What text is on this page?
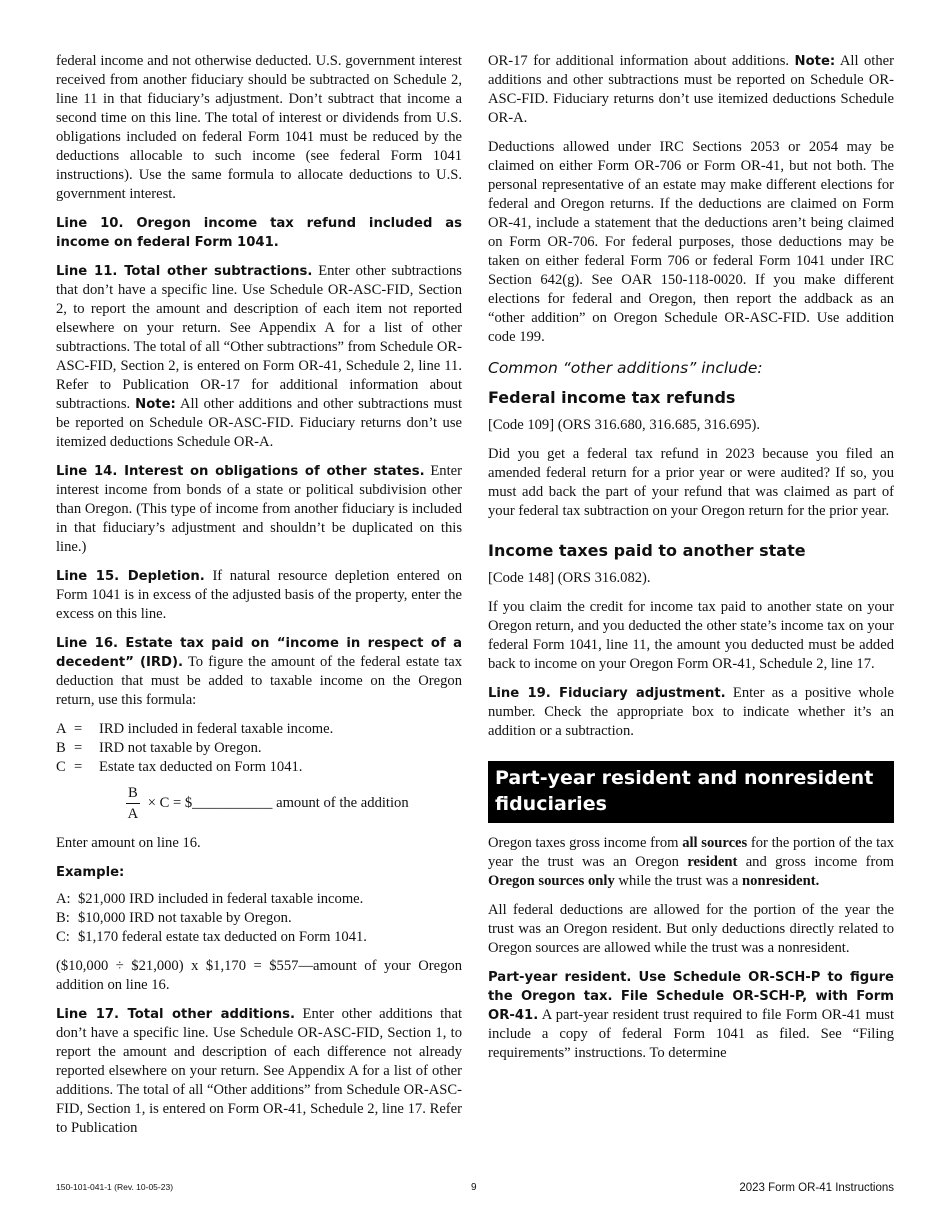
federal income and not otherwise deducted. U.S. government interest received from another fiduciary should be subtracted on Schedule 2, line 11 in that fiduciary’s adjustment. Don’t subtract that income a second time on this line. The total of interest or dividends from U.S. obligations included on federal Form 1041 must be reduced by the deductions allocable to such income (see federal Form 1041 instructions). Use the same formula to allocate deductions to U.S. government interest.

Line 10. Oregon income tax refund included as income on federal Form 1041.

Line 11. Total other subtractions. Enter other subtractions that don’t have a specific line. Use Schedule OR-ASC-FID, Section 2, to report the amount and description of each item not reported elsewhere on your return. See Appendix A for a list of other subtractions. The total of all “Other subtractions” from Schedule OR-ASC-FID, Section 2, is entered on Form OR-41, Schedule 2, line 11. Refer to Publication OR-17 for additional information about subtractions. Note: All other additions and other subtractions must be reported on Schedule OR-ASC-FID. Fiduciary returns don’t use itemized deductions Schedule OR-A.

Line 14. Interest on obligations of other states. Enter interest income from bonds of a state or political subdivision other than Oregon. (This type of income from another fiduciary is included in that fiduciary’s adjustment and shouldn’t be duplicated on this line.)

Line 15. Depletion. If natural resource depletion entered on Form 1041 is in excess of the adjusted basis of the property, enter the excess on this line.

Line 16. Estate tax paid on “income in respect of a decedent” (IRD). To figure the amount of the federal estate tax deduction that must be added to taxable income on the Oregon return, use this formula:

A =	IRD included in federal taxable income.
B =	IRD not taxable by Oregon.
C =	Estate tax deducted on Form 1041.
$\frac{B}{A} \times C$ = $___________ amount of the addition

Enter amount on line 16.

Example:
A: $21,000 IRD included in federal taxable income.
B: $10,000 IRD not taxable by Oregon.
C: $1,170 federal estate tax deducted on Form 1041.

($10,000 ÷ $21,000) x $1,170 = $557—amount of your Oregon addition on line 16.

Line 17. Total other additions. Enter other additions that don’t have a specific line. Use Schedule OR-ASC-FID, Section 1, to report the amount and description of each difference not already reported elsewhere on your return. See Appendix A for a list of other additions. The total of all “Other additions” from Schedule OR-ASC-FID, Section 1, is entered on Form OR-41, Schedule 2, line 17. Refer to Publication

OR-17 for additional information about additions. Note: All other additions and other subtractions must be reported on Schedule OR-ASC-FID. Fiduciary returns don’t use itemized deductions Schedule OR-A.

Deductions allowed under IRC Sections 2053 or 2054 may be claimed on either Form OR-706 or Form OR-41, but not both. The personal representative of an estate may make different elections for federal and Oregon returns. If the deductions are claimed on Form OR-41, include a statement that the deductions aren’t being claimed on Form OR-706. For federal purposes, those deductions may be taken on either federal Form 706 or federal Form 1041 under IRC Section 642(g). See OAR 150-118-0020. If you make different elections for federal and Oregon, then report the addback as an “other addition” on Oregon Schedule OR-ASC-FID. Use addition code 199.

Common “other additions” include:
Federal income tax refunds

[Code 109] (ORS 316.680, 316.685, 316.695).

Did you get a federal tax refund in 2023 because you filed an amended federal return for a prior year or were audited? If so, you must add back the part of your refund that was claimed as part of your federal tax subtraction on your Oregon return for the prior year.

Income taxes paid to another state

[Code 148] (ORS 316.082).

If you claim the credit for income tax paid to another state on your Oregon return, and you deducted the other state’s income tax on your federal Form 1041, line 11, the amount you deducted must be added back to income on your Oregon Form OR-41, Schedule 2, line 17.

Line 19. Fiduciary adjustment. Enter as a positive whole number. Check the appropriate box to indicate whether it’s an addition or a subtraction.

Part-year resident and nonresident fiduciaries

Oregon taxes gross income from all sources for the portion of the tax year the trust was an Oregon resident and gross income from Oregon sources only while the trust was a nonresident.

All federal deductions are allowed for the portion of the year the trust was an Oregon resident. But only deductions directly related to Oregon sources are allowed while the trust was a nonresident.

Part-year resident. Use Schedule OR-SCH-P to figure the Oregon tax. File Schedule OR-SCH-P, with Form OR-41. A part-year resident trust required to file Form OR-41 must include a copy of federal Form 1041 as filed. See “Filing requirements” instructions. To determine

150-101-041-1 (Rev. 10-05-23)	9	2023 Form OR-41 Instructions
